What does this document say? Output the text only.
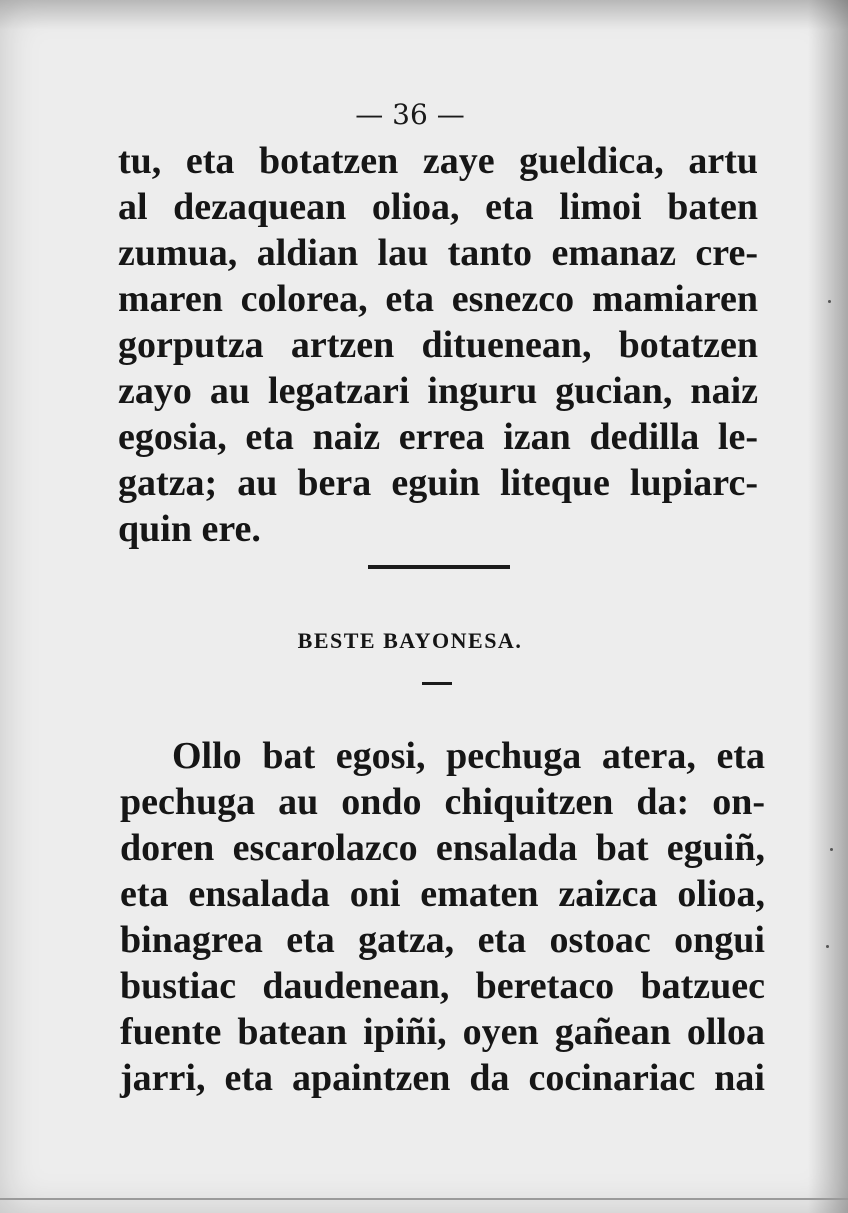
— 36 —
tu, eta botatzen zaye gueldica, artu
al dezaquean olioa, eta limoi baten
zumua, aldian lau tanto emanaz cre-
maren colorea, eta esnezco mamiaren
gorputza artzen dituenean, botatzen
zayo au legatzari inguru gucian, naiz
egosia, eta naiz errea izan dedilla le-
gatza; au bera eguin liteque lupiarc-
quin ere.
BESTE BAYONESA.
Ollo bat egosi, pechuga atera, eta
pechuga au ondo chiquitzen da: on-
doren escarolazco ensalada bat eguiñ,
eta ensalada oni ematen zaizca olioa,
binagrea eta gatza, eta ostoac ongui
bustiac daudenean, beretaco batzuec
fuente batean ipiñi, oyen gañean olloa
jarri, eta apaintzen da cocinariac nai
